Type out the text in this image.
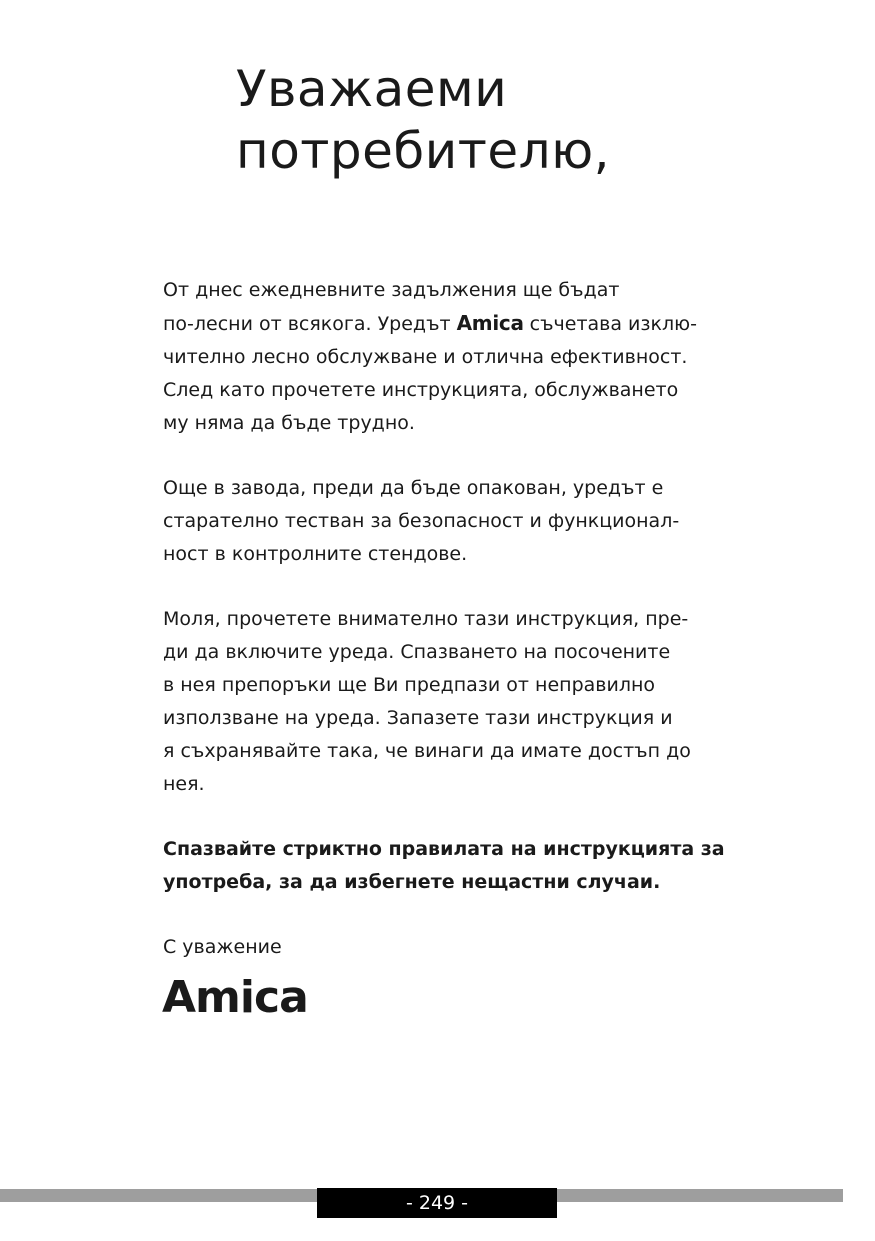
Уважаеми
потребителю,

От днес ежедневните задължения ще бъдат
по-лесни от всякога. Уредът Amica съчетава изклю-
чително лесно обслужване и отлична ефективност.
След като прочетете инструкцията, обслужването
му няма да бъде трудно.

Още в завода, преди да бъде опакован, уредът е
старателно тестван за безопасност и функционал-
ност в контролните стендове.

Моля, прочетете внимателно тази инструкция, пре-
ди да включите уреда. Спазването на посочените
в нея препоръки ще Ви предпази от неправилно
използване на уреда. Запазете тази инструкция и
я съхранявайте така, че винаги да имате достъп до
нея.

Спазвайте стриктно правилата на инструкцията за
употреба, за да избегнете нещастни случаи.

С уважение

Amica
- 249 -
